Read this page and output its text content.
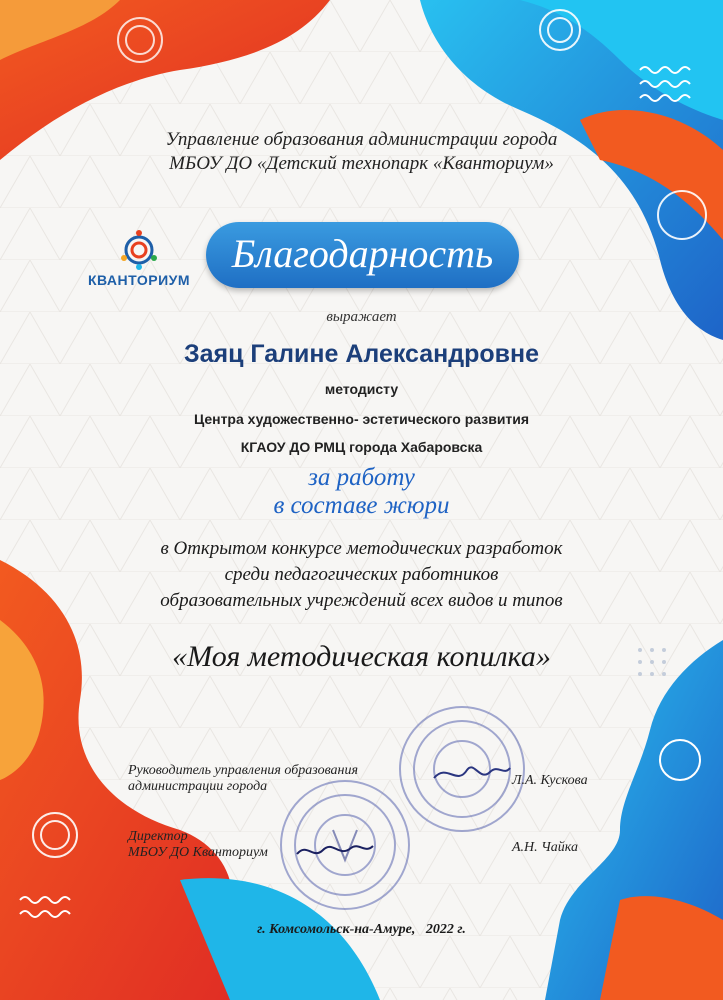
Управление образования администрации города
МБОУ ДО «Детский технопарк «Кванториум»
КВАНТОРИУМ
Благодарность
выражает
Заяц Галине Александровне
методисту
Центра художественно- эстетического развития
КГАОУ ДО РМЦ города Хабаровска
за работу
в составе жюри
в Открытом конкурсе методических разработок
среди педагогических работников
образовательных учреждений всех видов и типов
«Моя методическая копилка»
Руководитель управления образования
администрации города	Л.А. Кускова
Директор
МБОУ ДО Кванториум	А.Н. Чайка
г. Комсомольск-на-Амуре, 2022 г.
